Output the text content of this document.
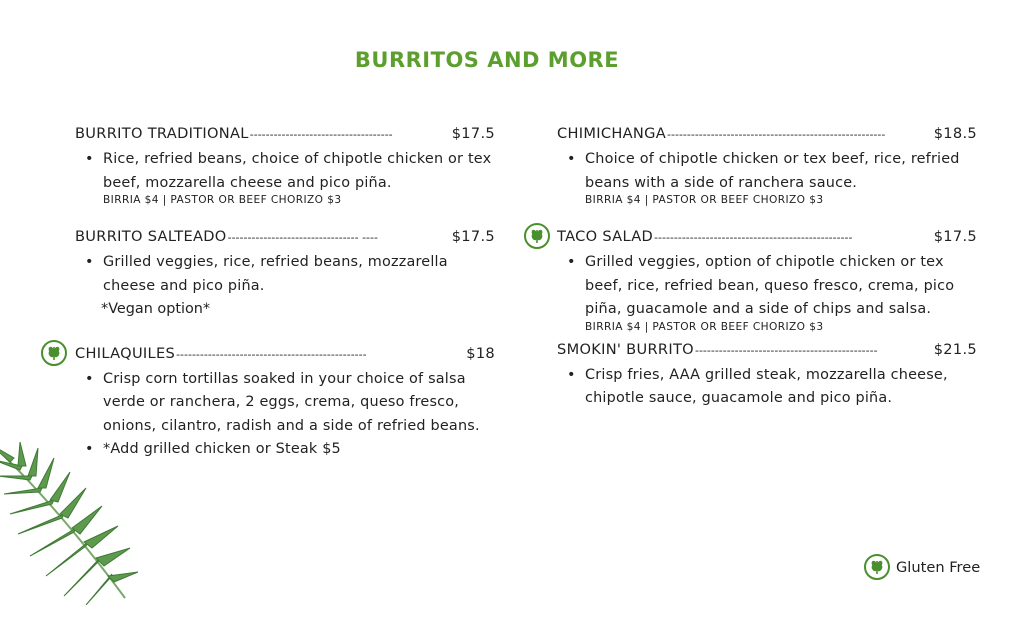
BURRITOS AND MORE
BURRITO TRADITIONAL ------------------------------------	$17.5
• Rice, refried beans, choice of chipotle chicken or tex beef, mozzarella cheese and pico piña.
BIRRIA $4 | PASTOR OR BEEF CHORIZO $3
BURRITO SALTEADO --------------------------------- ----	$17.5
• Grilled veggies, rice, refried beans, mozzarella cheese and pico piña.
*Vegan option*
CHILAQUILES ------------------------------------------------	$18
• Crisp corn tortillas soaked in your choice of salsa verde or ranchera, 2 eggs, crema, queso fresco, onions, cilantro, radish and a side of refried beans.
• *Add grilled chicken or Steak $5
CHIMICHANGA -------------------------------------------------------	$18.5
• Choice of chipotle chicken or tex beef, rice, refried beans with a side of ranchera sauce.
BIRRIA $4 | PASTOR OR BEEF CHORIZO $3
TACO SALAD --------------------------------------------------	$17.5
• Grilled veggies, option of chipotle chicken or tex beef, rice, refried bean, queso fresco, crema, pico piña, guacamole and a side of chips and salsa.
BIRRIA $4 | PASTOR OR BEEF CHORIZO $3
SMOKIN' BURRITO ----------------------------------------------	$21.5
• Crisp fries, AAA grilled steak, mozzarella cheese, chipotle sauce, guacamole and pico piña.
Gluten Free
